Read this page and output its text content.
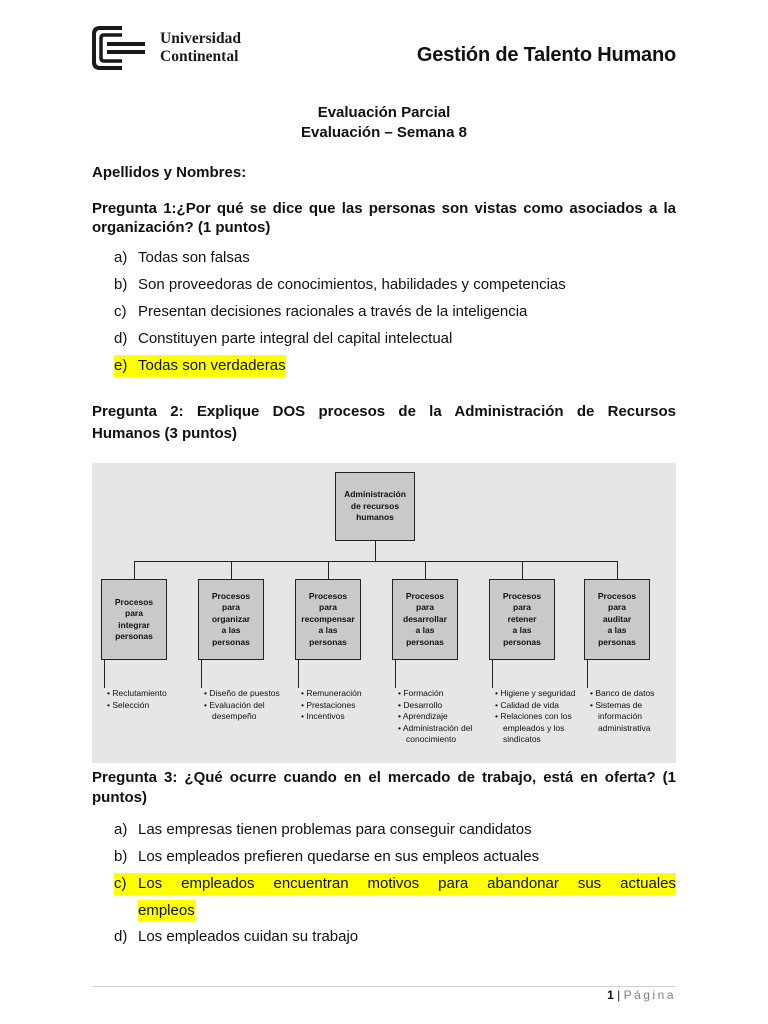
Universidad
Continental	Gestión de Talento Humano
Evaluación Parcial
Evaluación – Semana 8
Apellidos y Nombres:
Pregunta 1:¿Por qué se dice que las personas son vistas como asociados a la
organización? (1 puntos)
a) Todas son falsas
b) Son proveedoras de conocimientos, habilidades y competencias
c) Presentan decisiones racionales a través de la inteligencia
d) Constituyen parte integral del capital intelectual
e) Todas son verdaderas
Pregunta 2: Explique DOS procesos de la Administración de Recursos
Humanos (3 puntos)
Administración
de recursos
humanos
Procesos
para
integrar
personas
• Reclutamiento
• Selección
Procesos
para
organizar
a las
personas
• Diseño de puestos
• Evaluación del desempeño
Procesos
para
recompensar
a las
personas
• Remuneración
• Prestaciones
• Incentivos
Procesos
para
desarrollar
a las
personas
• Formación
• Desarrollo
• Aprendizaje
• Administración del conocimiento
Procesos
para
retener
a las
personas
• Higiene y seguridad
• Calidad de vida
• Relaciones con los empleados y los sindicatos
Procesos
para
auditar
a las
personas
• Banco de datos
• Sistemas de información administrativa
Pregunta 3: ¿Qué ocurre cuando en el mercado de trabajo, está en oferta? (1
puntos)
a) Las empresas tienen problemas para conseguir candidatos
b) Los empleados prefieren quedarse en sus empleos actuales
c) Los empleados encuentran motivos para abandonar sus actuales
empleos
d) Los empleados cuidan su trabajo
1 | Página
